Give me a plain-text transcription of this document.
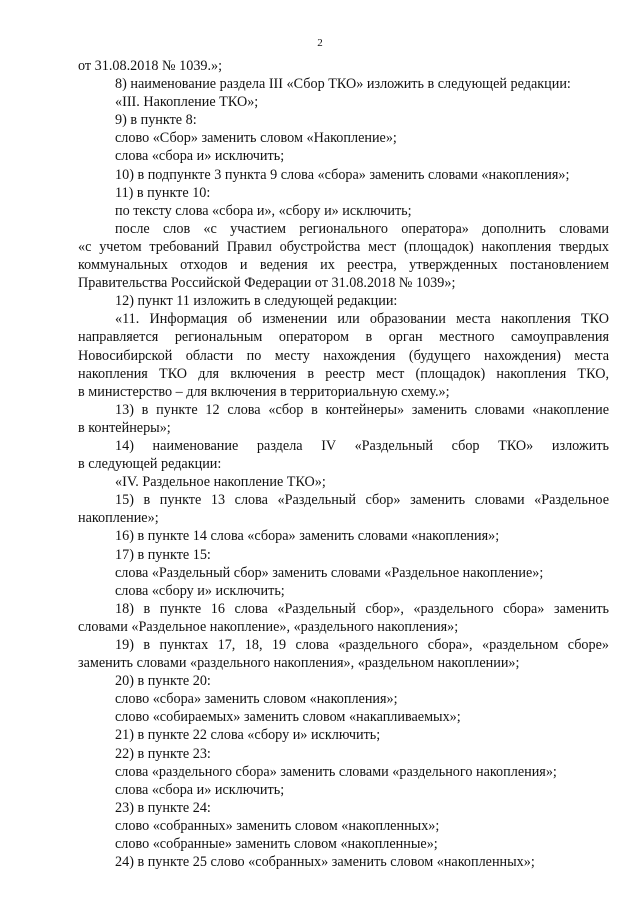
2
от 31.08.2018 № 1039.»;
8) наименование раздела III «Сбор ТКО» изложить в следующей редакции:
«III. Накопление ТКО»;
9) в пункте 8:
слово «Сбор» заменить словом «Накопление»;
слова «сбора и» исключить;
10) в подпункте 3 пункта 9 слова «сбора» заменить словами «накопления»;
11) в пункте 10:
по тексту слова «сбора и», «сбору и» исключить;
после слов «с участием регионального оператора» дополнить словами
«с учетом требований Правил обустройства мест (площадок) накопления твердых
коммунальных отходов и ведения их реестра, утвержденных постановлением
Правительства Российской Федерации от 31.08.2018 № 1039»;
12) пункт 11 изложить в следующей редакции:
«11. Информация об изменении или образовании места накопления ТКО
направляется региональным оператором в орган местного самоуправления
Новосибирской области по месту нахождения (будущего нахождения) места
накопления ТКО для включения в реестр мест (площадок) накопления ТКО,
в министерство – для включения в территориальную схему.»;
13) в пункте 12 слова «сбор в контейнеры» заменить словами «накопление
в контейнеры»;
14) наименование раздела IV «Раздельный сбор ТКО» изложить
в следующей редакции:
«IV. Раздельное накопление ТКО»;
15) в пункте 13 слова «Раздельный сбор» заменить словами «Раздельное
накопление»;
16) в пункте 14 слова «сбора» заменить словами «накопления»;
17) в пункте 15:
слова «Раздельный сбор» заменить словами «Раздельное накопление»;
слова «сбору и» исключить;
18) в пункте 16 слова «Раздельный сбор», «раздельного сбора» заменить
словами «Раздельное накопление», «раздельного накопления»;
19) в пунктах 17, 18, 19 слова «раздельного сбора», «раздельном сборе»
заменить словами «раздельного накопления», «раздельном накоплении»;
20) в пункте 20:
слово «сбора» заменить словом «накопления»;
слово «собираемых» заменить словом «накапливаемых»;
21) в пункте 22 слова «сбору и» исключить;
22) в пункте 23:
слова «раздельного сбора» заменить словами «раздельного накопления»;
слова «сбора и» исключить;
23) в пункте 24:
слово «собранных» заменить словом «накопленных»;
слово «собранные» заменить словом «накопленные»;
24) в пункте 25 слово «собранных» заменить словом «накопленных»;
